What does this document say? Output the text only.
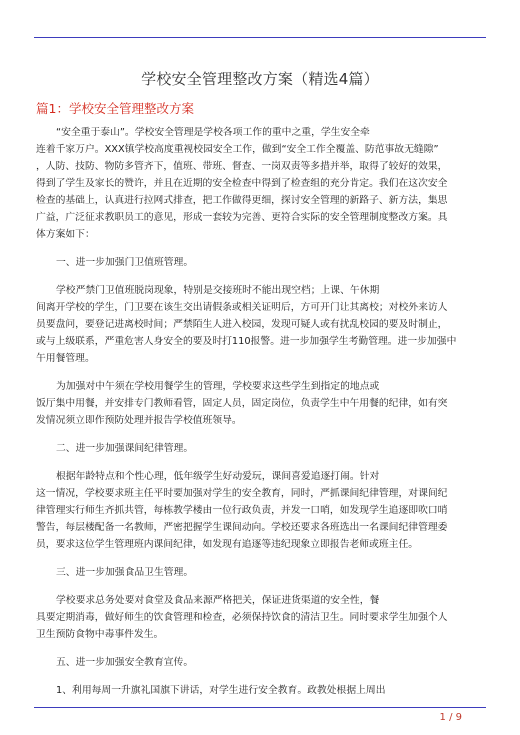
学校安全管理整改方案（精选4篇）
篇1：学校安全管理整改方案

“安全重于泰山”。学校安全管理是学校各项工作的重中之重，学生安全牵

连着千家万户。XXX镇学校高度重视校园安全工作，做到“安全工作全覆盖、防范事故无缝隙”
，人防、技防、物防多管齐下，值班、带班、督查、一岗双责等多措并举，取得了较好的效果，
得到了学生及家长的赞许，并且在近期的安全检查中得到了检查组的充分肯定。我们在这次安全
检查的基础上，认真进行拉网式排查，把工作做得更细，探讨安全管理的新路子、新方法，集思
广益，广泛征求教职员工的意见，形成一套较为完善、更符合实际的安全管理制度整改方案。具
体方案如下：

一、进一步加强门卫值班管理。

学校严禁门卫值班脱岗现象，特别是交接班时不能出现空档；上课、午休期
间离开学校的学生，门卫要在该生交出请假条或相关证明后，方可开门让其离校；对校外来访人
员要盘问，要登记进离校时间；严禁陌生人进入校园，发现可疑人或有扰乱校园的要及时制止，
或与上级联系，严重危害人身安全的要及时打110报警。进一步加强学生考勤管理。进一步加强中
午用餐管理。

为加强对中午须在学校用餐学生的管理，学校要求这些学生到指定的地点或
饭厅集中用餐，并安排专门教师看管，固定人员，固定岗位，负责学生中午用餐的纪律，如有突
发情况须立即作预防处理并报告学校值班领导。

二、进一步加强课间纪律管理。

根据年龄特点和个性心理，低年级学生好动爱玩，课间喜爱追逐打闹。针对
这一情况，学校要求班主任平时要加强对学生的安全教育，同时，严抓课间纪律管理，对课间纪
律管理实行师生齐抓共管，每栋教学楼由一位行政负责，并发一口哨，如发现学生追逐即吹口哨
警告，每层楼配备一名教师，严密把握学生课间动向。学校还要求各班选出一名课间纪律管理委
员，要求这位学生管理班内课间纪律，如发现有追逐等违纪现象立即报告老师或班主任。

三、进一步加强食品卫生管理。

学校要求总务处要对食堂及食品来源严格把关，保证进货渠道的安全性，餐
具要定期消毒，做好师生的饮食管理和检查，必须保持饮食的清洁卫生。同时要求学生加强个人
卫生预防食物中毒事件发生。

五、进一步加强安全教育宣传。

1、利用每周一升旗礼国旗下讲话，对学生进行安全教育。政教处根据上周出

1 / 9
